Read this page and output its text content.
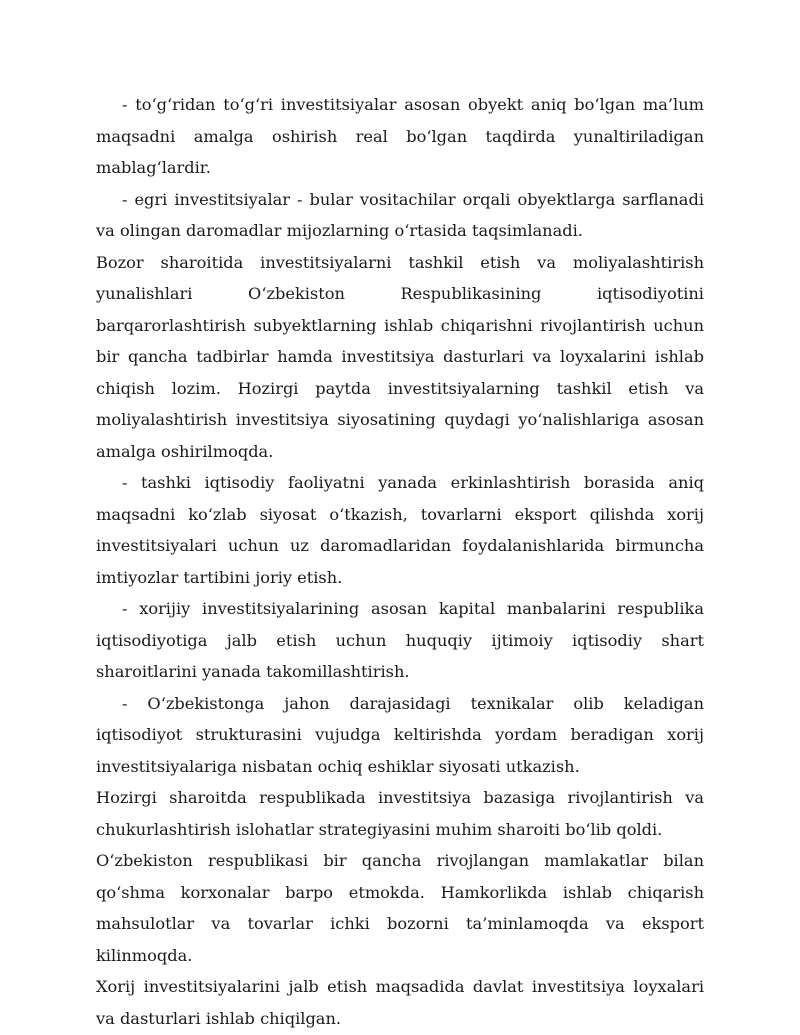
- to‘g‘ridan to‘g‘ri investitsiyalar asosan obyekt aniq bo‘lgan ma’lum maqsadni amalga oshirish real bo‘lgan taqdirda yunaltiriladigan mablag‘lardir.

- egri investitsiyalar - bular vositachilar orqali obyektlarga sarflanadi va olingan daromadlar mijozlarning o‘rtasida taqsimlanadi.

Bozor sharoitida investitsiyalarni tashkil etish va moliyalashtirish yunalishlari O‘zbekiston Respublikasining iqtisodiyotini barqarorlashtirish subyektlarning ishlab chiqarishni rivojlantirish uchun bir qancha tadbirlar hamda investitsiya dasturlari va loyxalarini ishlab chiqish lozim. Hozirgi paytda investitsiyalarning tashkil etish va moliyalashtirish investitsiya siyosatining quydagi yo‘nalishlariga asosan amalga oshirilmoqda.

- tashki iqtisodiy faoliyatni yanada erkinlashtirish borasida aniq maqsadni ko‘zlab siyosat o‘tkazish, tovarlarni eksport qilishda xorij investitsiyalari uchun uz daromadlaridan foydalanishlarida birmuncha imtiyozlar tartibini joriy etish.

- xorijiy investitsiyalarining asosan kapital manbalarini respublika iqtisodiyotiga jalb etish uchun huquqiy ijtimoiy iqtisodiy shart sharoitlarini yanada takomillashtirish.

- O‘zbekistonga jahon darajasidagi texnikalar olib keladigan iqtisodiyot strukturasini vujudga keltirishda yordam beradigan xorij investitsiyalariga nisbatan ochiq eshiklar siyosati utkazish.

Hozirgi sharoitda respublikada investitsiya bazasiga rivojlantirish va chukurlashtirish islohatlar strategiyasini muhim sharoiti bo‘lib qoldi.

O‘zbekiston respublikasi bir qancha rivojlangan mamlakatlar bilan qo‘shma korxonalar barpo etmokda. Hamkorlikda ishlab chiqarish mahsulotlar va tovarlar ichki bozorni ta’minlamoqda va eksport kilinmoqda.

Xorij investitsiyalarini jalb etish maqsadida davlat investitsiya loyxalari va dasturlari ishlab chiqilgan.
